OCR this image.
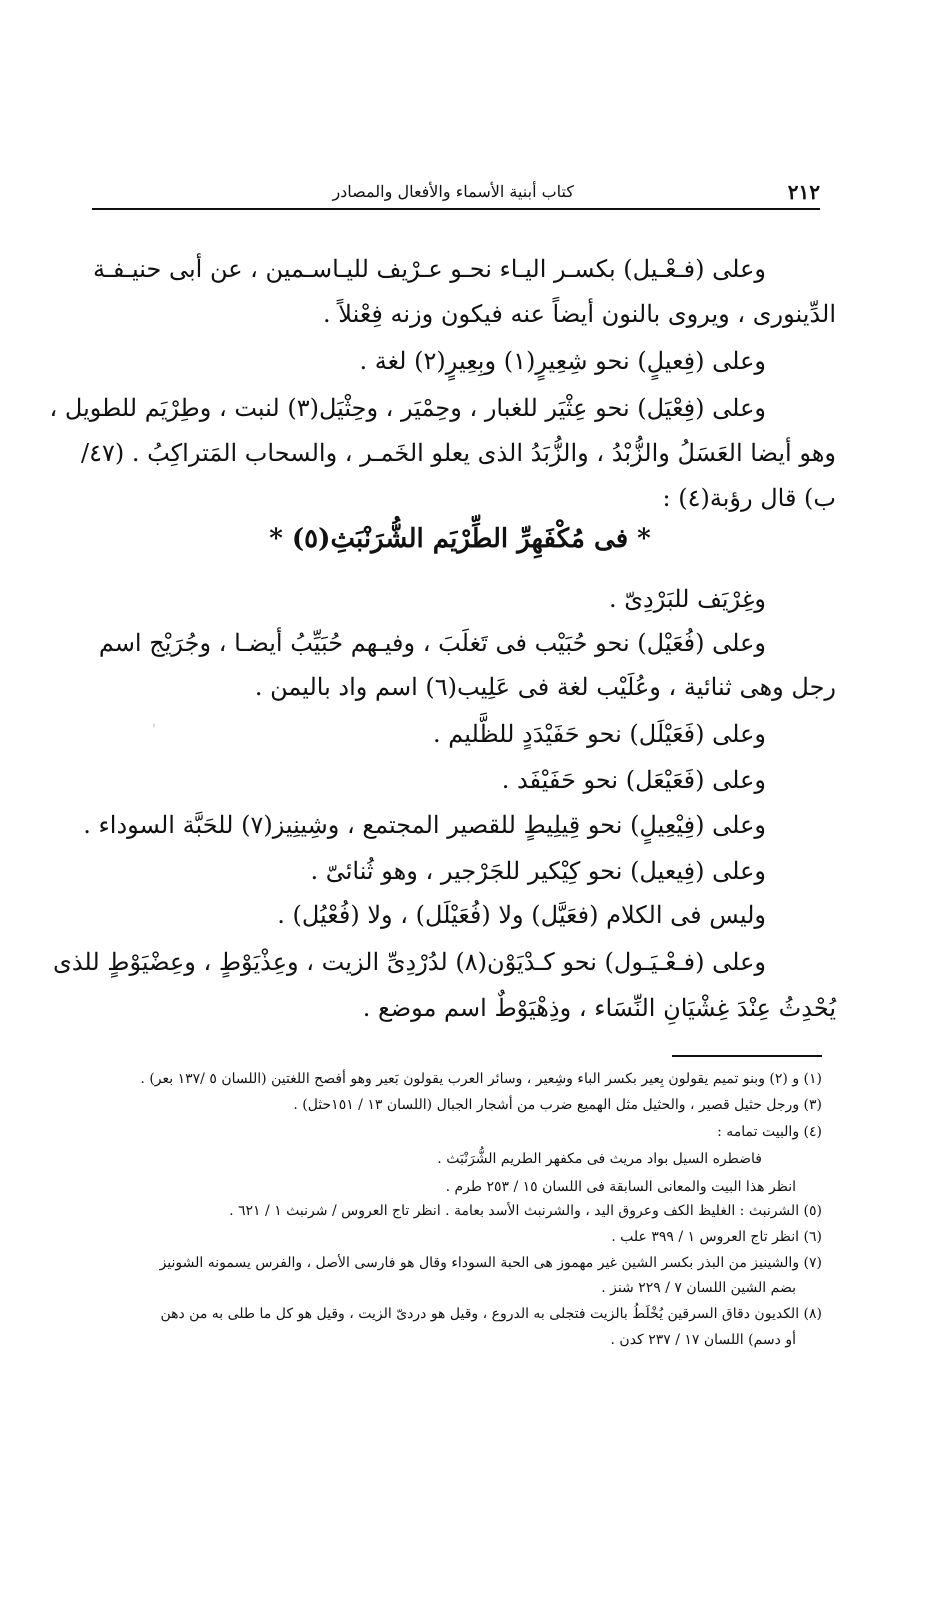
٢١٢
كتاب أبنية الأسماء والأفعال والمصادر
وعلى (فـعْـيل) بكسـر اليـاء نحـو عـرْيف لليـاسـمين ، عن أبى حنيـفـة
الدِّينورى ، ويروى بالنون أيضاً عنه فيكون وزنه فِعْنلاً .
وعلى (فِعيلٍ) نحو شِعِيرٍ(١) وبِعِيرٍ(٢) لغة .
وعلى (فِعْيَل) نحو عِثْيَر للغبار ، وحِمْيَر ، وحِثْيَل(٣) لنبت ، وطِرْيَم للطويل ،
وهو أيضا العَسَلُ والزُّبْدُ ، والزُّبَدُ الذى يعلو الخَمـر ، والسحاب المَتراكِبُ . (٤٧/
ب) قال رؤبة(٤) :
* فى مُكْفَهِرِّ الطِّرْيَم الشُّرَنْبَثِ(٥) *
وغِرْيَف للبَرْدِىّ .
وعلى (فُعَيْل) نحو حُبَيْب فى تَغلَبَ ، وفيـهم حُبَيِّبُ أيضـا ، وجُرَيْج اسم
رجل وهى ثنائية ، وعُلَيْب لغة فى عَلِيب(٦) اسم واد باليمن .
وعلى (فَعَيْلَل) نحو حَفَيْدَدٍ للظَّليم .
وعلى (فَعَيْعَل) نحو حَفَيْفَد .
وعلى (فِيْعِيلٍ) نحو قِيلِيطٍ للقصير المجتمع ، وشِينِيز(٧) للحَبَّة السوداء .
وعلى (فِيعيل) نحو كِيْكير للجَرْجير ، وهو ثُنائىّ .
وليس فى الكلام (فعَيَّل) ولا (فُعَيْلَل) ، ولا (فُعْيُل) .
وعلى (فـعْـيَـول) نحو كـدْيَوْن(٨) لدُرْدِىِّ الزيت ، وعِذْيَوْطٍ ، وعِضْيَوْطٍ للذى
يُحْدِثُ عِنْدَ غِشْيَانِ النِّسَاء ، وذِهْيَوْطٌ اسم موضع .
(١) و (٢) وبنو تميم يقولون بِعير بكسر الباء وشِعير ، وسائر العرب يقولون بَعير وهو أفصح اللغتين (اللسان ٥ /١٣٧ بعر) .
(٣) ورجل حثيل قصير ، والحثيل مثل الهميع ضرب من أشجار الجبال (اللسان ١٣ / ١٥١حثل) .
(٤) والبيت تمامه :
فاضطره السيل بواد مريث فى مكفهر الطريم الشُّرَنْبَث .
انظر هذا البيت والمعانى السابقة فى اللسان ١٥ / ٢٥٣ طرم .
(٥) الشرنبث : الغليظ الكف وعروق اليد ، والشرنبث الأسد بعامة . انظر تاج العروس / شرنبث ١ / ٦٢١ .
(٦) انظر تاج العروس ١ / ٣٩٩ علب .
(٧) والشينيز من البذر بكسر الشين غير مهموز هى الحبة السوداء وقال هو فارسى الأصل ، والفرس يسمونه الشونيز
بضم الشين اللسان ٧ / ٢٢٩ شنز .
(٨) الكديون دقاق السرقين يُخْلَطُ بالزيت فتجلى به الدروع ، وقيل هو دردىّ الزيت ، وقيل هو كل ما طلى به من دهن
أو دسم) اللسان ١٧ / ٢٣٧ كدن .
'
